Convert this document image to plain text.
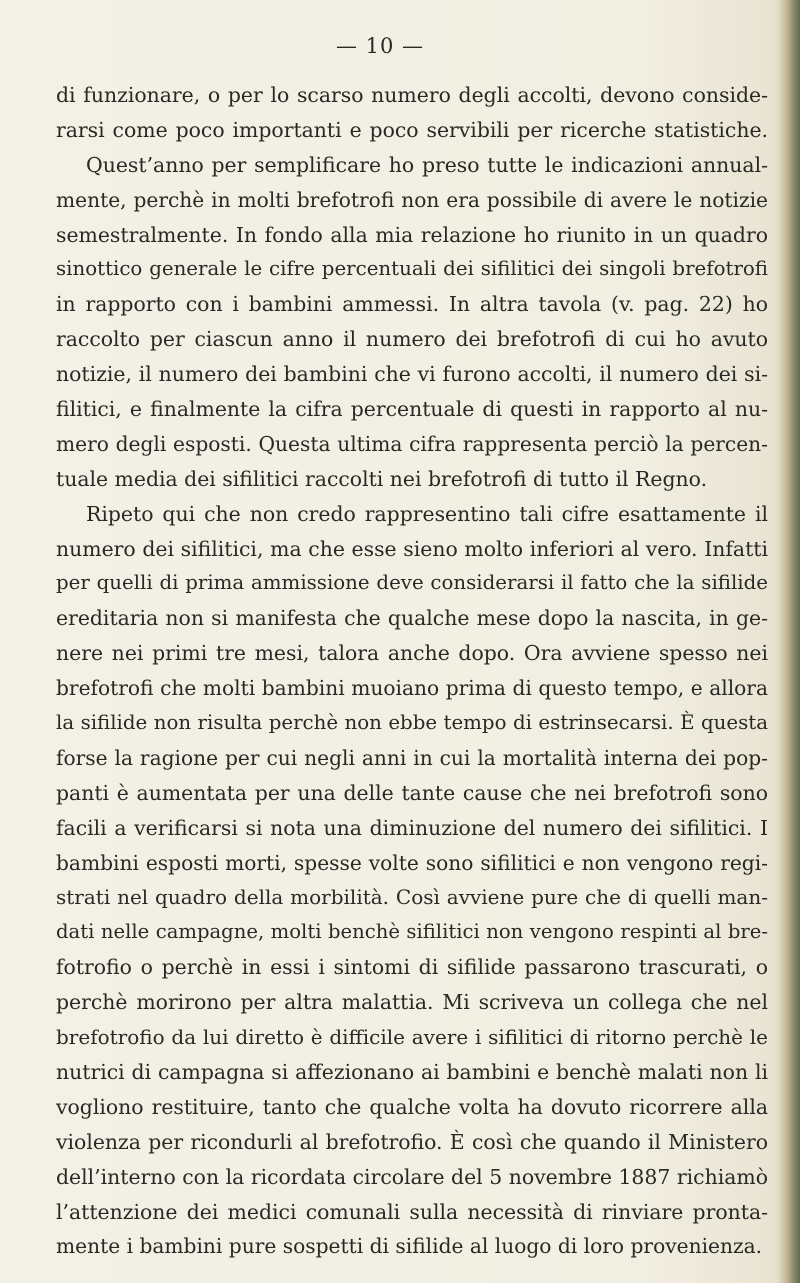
— 10 —
di funzionare, o per lo scarso numero degli accolti, devono conside-
rarsi come poco importanti e poco servibili per ricerche statistiche.
Quest’anno per semplificare ho preso tutte le indicazioni annual-
mente, perchè in molti brefotrofi non era possibile di avere le notizie
semestralmente. In fondo alla mia relazione ho riunito in un quadro
sinottico generale le cifre percentuali dei sifilitici dei singoli brefotrofi
in rapporto con i bambini ammessi. In altra tavola (v. pag. 22) ho
raccolto per ciascun anno il numero dei brefotrofi di cui ho avuto
notizie, il numero dei bambini che vi furono accolti, il numero dei si-
filitici, e finalmente la cifra percentuale di questi in rapporto al nu-
mero degli esposti. Questa ultima cifra rappresenta perciò la percen-
tuale media dei sifilitici raccolti nei brefotrofi di tutto il Regno.
Ripeto qui che non credo rappresentino tali cifre esattamente il
numero dei sifilitici, ma che esse sieno molto inferiori al vero. Infatti
per quelli di prima ammissione deve considerarsi il fatto che la sifilide
ereditaria non si manifesta che qualche mese dopo la nascita, in ge-
nere nei primi tre mesi, talora anche dopo. Ora avviene spesso nei
brefotrofi che molti bambini muoiano prima di questo tempo, e allora
la sifilide non risulta perchè non ebbe tempo di estrinsecarsi. È questa
forse la ragione per cui negli anni in cui la mortalità interna dei pop-
panti è aumentata per una delle tante cause che nei brefotrofi sono
facili a verificarsi si nota una diminuzione del numero dei sifilitici. I
bambini esposti morti, spesse volte sono sifilitici e non vengono regi-
strati nel quadro della morbilità. Così avviene pure che di quelli man-
dati nelle campagne, molti benchè sifilitici non vengono respinti al bre-
fotrofio o perchè in essi i sintomi di sifilide passarono trascurati, o
perchè morirono per altra malattia. Mi scriveva un collega che nel
brefotrofio da lui diretto è difficile avere i sifilitici di ritorno perchè le
nutrici di campagna si affezionano ai bambini e benchè malati non li
vogliono restituire, tanto che qualche volta ha dovuto ricorrere alla
violenza per ricondurli al brefotrofio. È così che quando il Ministero
dell’interno con la ricordata circolare del 5 novembre 1887 richiamò
l’attenzione dei medici comunali sulla necessità di rinviare pronta-
mente i bambini pure sospetti di sifilide al luogo di loro provenienza.
